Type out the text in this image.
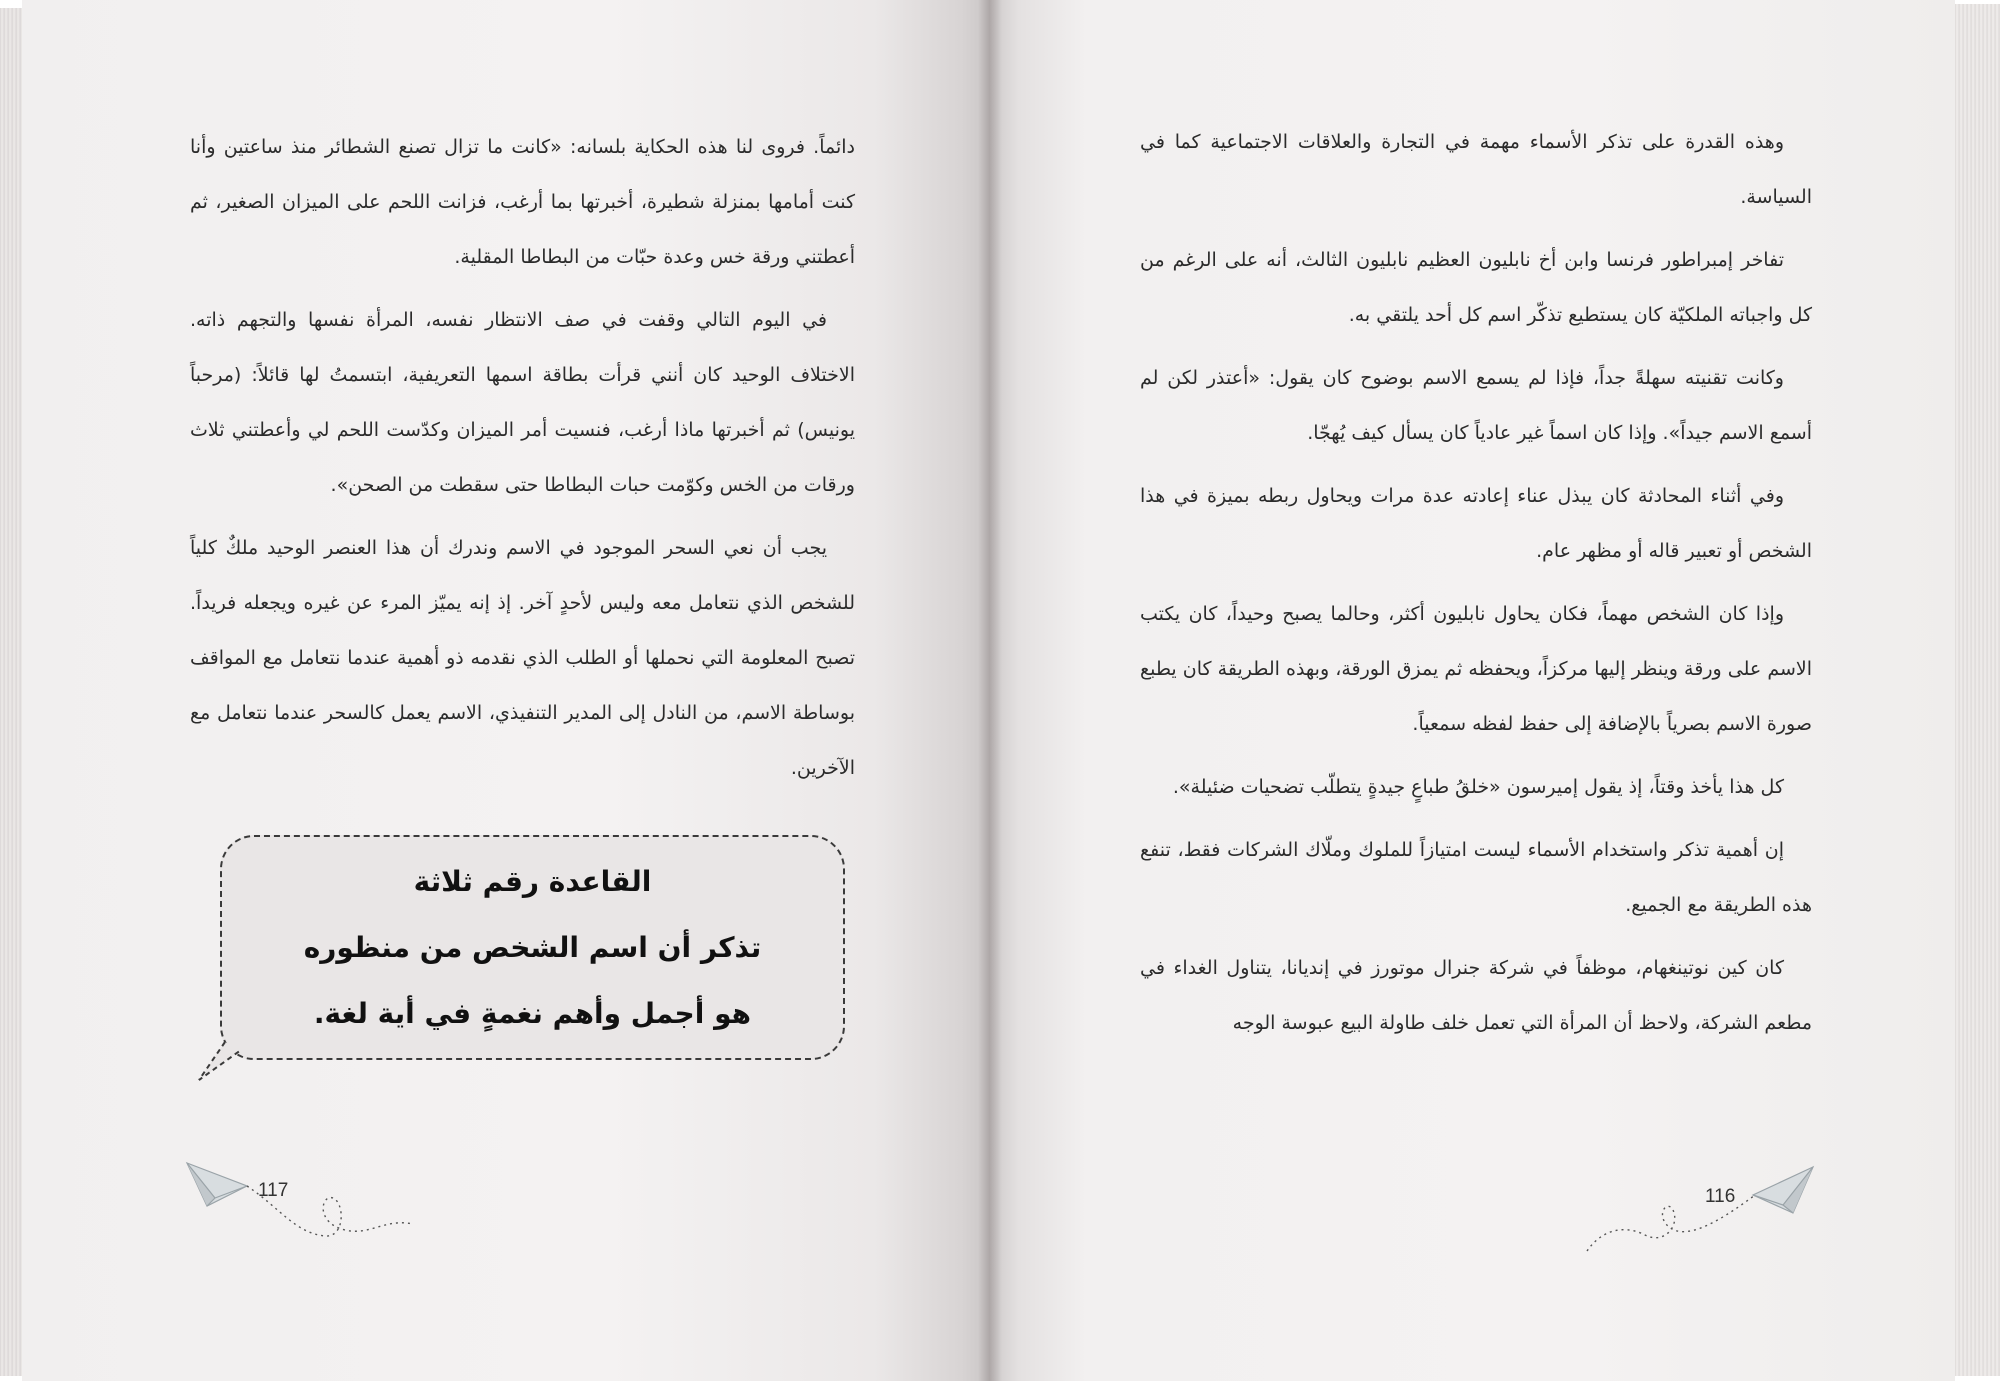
دائماً. فروى لنا هذه الحكاية بلسانه: «كانت ما تزال تصنع الشطائر منذ ساعتين وأنا كنت أمامها بمنزلة شطيرة، أخبرتها بما أرغب، فزانت اللحم على الميزان الصغير، ثم أعطتني ورقة خس وعدة حبّات من البطاطا المقلية.

في اليوم التالي وقفت في صف الانتظار نفسه، المرأة نفسها والتجهم ذاته. الاختلاف الوحيد كان أنني قرأت بطاقة اسمها التعريفية، ابتسمتُ لها قائلاً: (مرحباً يونيس) ثم أخبرتها ماذا أرغب، فنسيت أمر الميزان وكدّست اللحم لي وأعطتني ثلاث ورقات من الخس وكوّمت حبات البطاطا حتى سقطت من الصحن».

يجب أن نعي السحر الموجود في الاسم وندرك أن هذا العنصر الوحيد ملكٌ كلياً للشخص الذي نتعامل معه وليس لأحدٍ آخر. إذ إنه يميّز المرء عن غيره ويجعله فريداً. تصبح المعلومة التي نحملها أو الطلب الذي نقدمه ذو أهمية عندما نتعامل مع المواقف بوساطة الاسم، من النادل إلى المدير التنفيذي، الاسم يعمل كالسحر عندما نتعامل مع الآخرين.

القاعدة رقم ثلاثة
تذكر أن اسم الشخص من منظوره
هو أجمل وأهم نغمةٍ في أية لغة.

وهذه القدرة على تذكر الأسماء مهمة في التجارة والعلاقات الاجتماعية كما في السياسة.

تفاخر إمبراطور فرنسا وابن أخ نابليون العظيم نابليون الثالث، أنه على الرغم من كل واجباته الملكيّة كان يستطيع تذكّر اسم كل أحد يلتقي به.

وكانت تقنيته سهلةً جداً، فإذا لم يسمع الاسم بوضوح كان يقول: «أعتذر لكن لم أسمع الاسم جيداً». وإذا كان اسماً غير عادياً كان يسأل كيف يُهجّا.

وفي أثناء المحادثة كان يبذل عناء إعادته عدة مرات ويحاول ربطه بميزة في هذا الشخص أو تعبير قاله أو مظهر عام.

وإذا كان الشخص مهماً، فكان يحاول نابليون أكثر، وحالما يصبح وحيداً، كان يكتب الاسم على ورقة وينظر إليها مركزاً، ويحفظه ثم يمزق الورقة، وبهذه الطريقة كان يطبع صورة الاسم بصرياً بالإضافة إلى حفظ لفظه سمعياً.

كل هذا يأخذ وقتاً، إذ يقول إميرسون «خلقُ طباعٍ جيدةٍ يتطلّب تضحيات ضئيلة».

إن أهمية تذكر واستخدام الأسماء ليست امتيازاً للملوك وملّاك الشركات فقط، تنفع هذه الطريقة مع الجميع.

كان كين نوتينغهام، موظفاً في شركة جنرال موتورز في إنديانا، يتناول الغداء في مطعم الشركة، ولاحظ أن المرأة التي تعمل خلف طاولة البيع عبوسة الوجه

117	116
